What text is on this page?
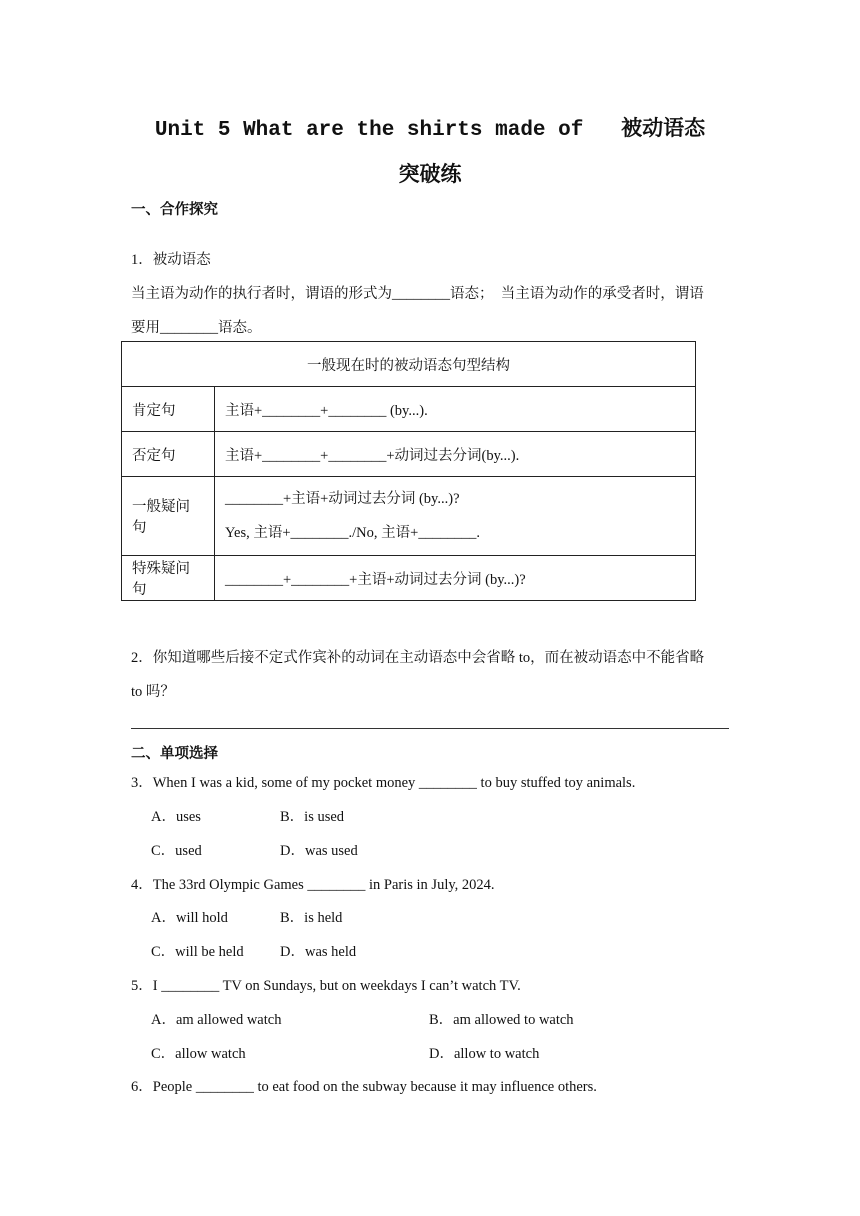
Unit 5 What are the shirts made of   被动语态
突破练
一、合作探究
1．被动语态
当主语为动作的执行者时，谓语的形式为________语态；  当主语为动作的承受者时，谓语
要用________语态。
一般现在时的被动语态句型结构	
肯定句	主语+________+________ (by...).
否定句	主语+________+________+动词过去分词(by...).
一般疑问句	________+主语+动词过去分词 (by...)?
Yes, 主语+________./No, 主语+________.

特殊疑问句	________+________+主语+动词过去分词 (by...)?
2．你知道哪些后接不定式作宾补的动词在主动语态中会省略 to，而在被动语态中不能省略
to 吗？
二、单项选择
3．When I was a kid, some of my pocket money ________ to buy stuffed toy animals.
A．uses	B．is used
C．used	D．was used
4．The 33rd Olympic Games ________ in Paris in July, 2024.
A．will hold	B．is held
C．will be held	D．was held
5．I ________ TV on Sundays, but on weekdays I can’t watch TV.
A．am allowed watch	B．am allowed to watch
C．allow watch	D．allow to watch
6．People ________ to eat food on the subway because it may influence others.
